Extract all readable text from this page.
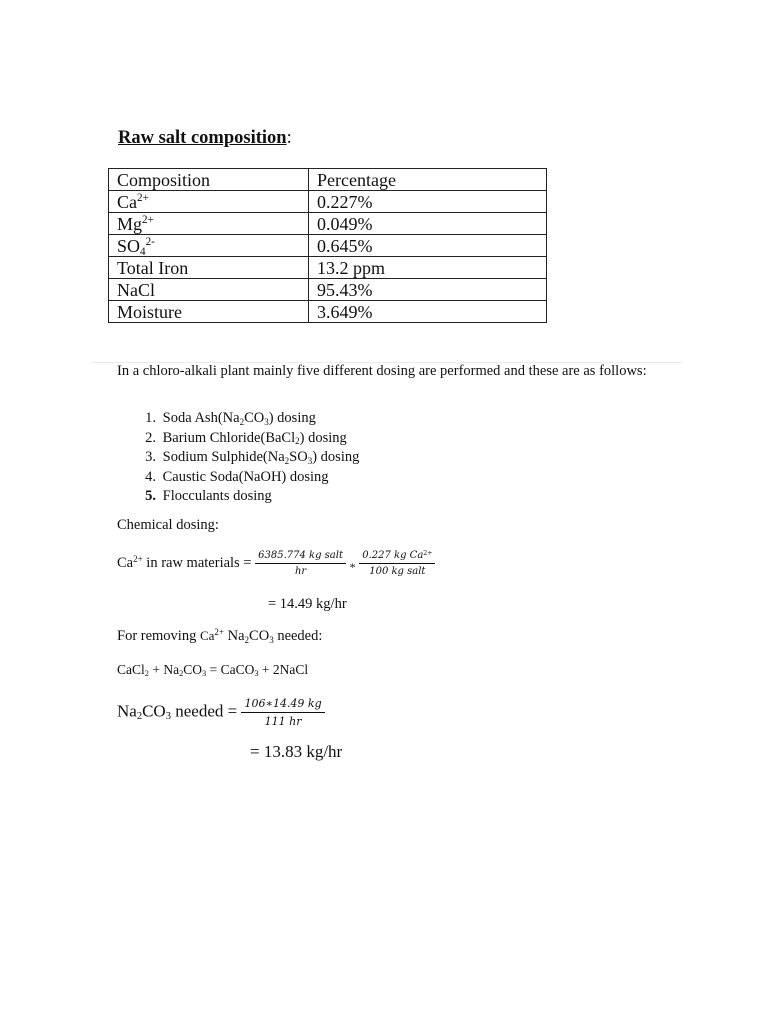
Raw salt composition:
Composition	Percentage
$Ca^{2+}$	0.227%
$Mg^{2+}$	0.049%
$SO_4^{2-}$	0.645%
Total Iron	13.2 ppm
NaCl	95.43%
Moisture	3.649%
In a chloro-alkali plant mainly five different dosing are performed and these are as follows:
1. Soda $Ash(Na_2CO_3)$ dosing
2. Barium Chloride(BaCl$_2$) dosing
3. Sodium $Sulphide(Na_2SO_3)$ dosing
4. Caustic Soda(NaOH) dosing
5. Flocculants dosing
Chemical dosing:
$Ca^{2+}$ in raw materials = $\frac{\text{6385.774 kg salt}}{hr} _* \frac{0.227 kg Ca^{2+}}{\text{100 kg salt}}$
= 14.49 kg/hr
For removing $Ca^{2+}$ $Na_2CO_3$ needed:
CaCl$_2$ + $Na_2CO_3$ = CaCO$_3$ + 2NaCl
$Na_2CO_3$ needed = $\frac{106∗14.49 kg}{111 hr}$
= 13.83 kg/hr
